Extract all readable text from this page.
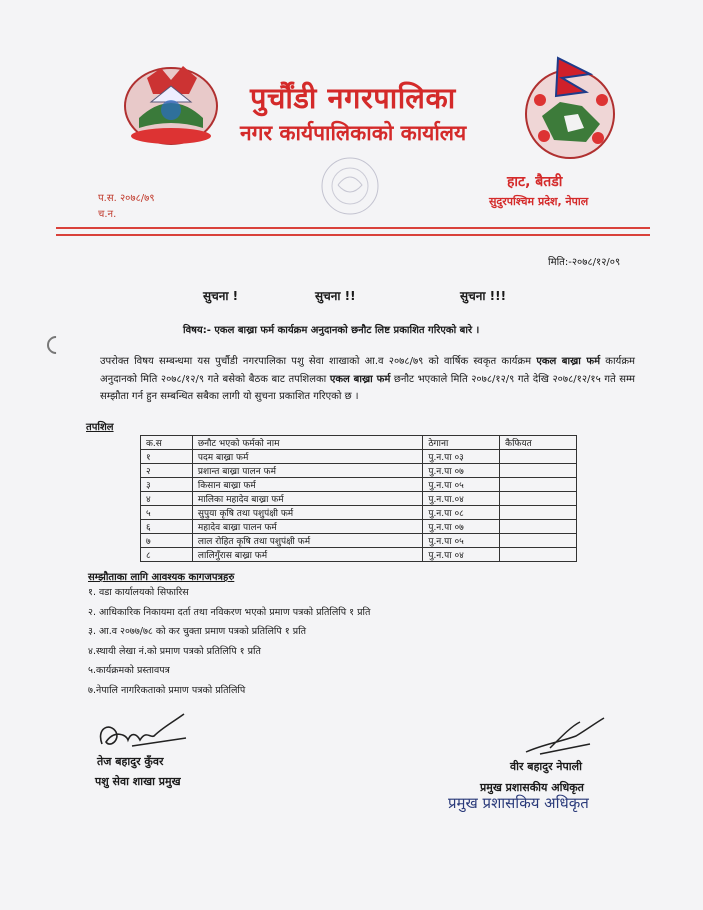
पुर्चौंडी नगरपालिका
नगर कार्यपालिकाको कार्यालय
प.स. २०७८/७९
च.न.
हाट, बैतडी
सुदुरपश्चिम प्रदेश, नेपाल
मिति:-२०७८/१२/०९
सुचना !	सुचना !!	सुचना !!!
विषय:- एकल बाख्रा फर्म कार्यक्रम अनुदानको छनौट लिष्ट प्रकाशित गरिएको बारे ।
उपरोक्त विषय सम्बन्धमा यस पुर्चौडी नगरपालिका पशु सेवा शाखाको आ.व २०७८/७९ को वार्षिक स्वकृत कार्यक्रम एकल बाख्रा फर्म कार्यक्रम अनुदानको मिति २०७८/१२/९ गते बसेको बैठक बाट तपशिलका एकल बाख्रा फर्म छनौट भएकाले मिति २०७८/१२/९ गते देखि २०७८/१२/१५ गते सम्म सम्झौता गर्न हुन सम्बन्धित सबैका लागी यो सुचना प्रकाशित गरिएको छ ।
तपशिल
क.स	छनौट भएको फर्मको नाम	ठेगाना	कैफियत
१	पदम बाख्रा फर्म	पु.न.पा ०३	
२	प्रशान्त बाख्रा पालन फर्म	पु.न.पा ०७	
३	किसान बाख्रा फर्म	पु.न.पा ०५	
४	मालिका महादेव बाख्रा फर्म	पु.न.पा.०४	
५	सुपुया कृषि तथा पशुपंक्षी फर्म	पु.न.पा ०८	
६	महादेव बाख्रा पालन फर्म	पु.न.पा ०७	
७	लाल रोहित कृषि तथा पशुपंक्षी फर्म	पु.न.पा ०५	
८	लालिगुँरास बाख्रा फर्म	पु.न.पा ०४	
सम्झौताका लागि आवश्यक कागजपत्रहरु
१. वडा कार्यालयको सिफारिस
२. आधिकारिक निकायमा दर्ता तथा नविकरण भएको प्रमाण पत्रको प्रतिलिपि १ प्रति
३. आ.व २०७७/७८ को कर चुक्ता प्रमाण पत्रको प्रतिलिपि १ प्रति
४.स्थायी लेखा नं.को प्रमाण पत्रको प्रतिलिपि १ प्रति
५.कार्यक्रमको प्रस्तावपत्र
७.नेपालि नागरिकताको प्रमाण पत्रको प्रतिलिपि
तेज बहादुर कुँवर
पशु सेवा शाखा प्रमुख
वीर बहादुर नेपाली
प्रमुख प्रशासकीय अधिकृत
प्रमुख प्रशासकिय अधिकृत
